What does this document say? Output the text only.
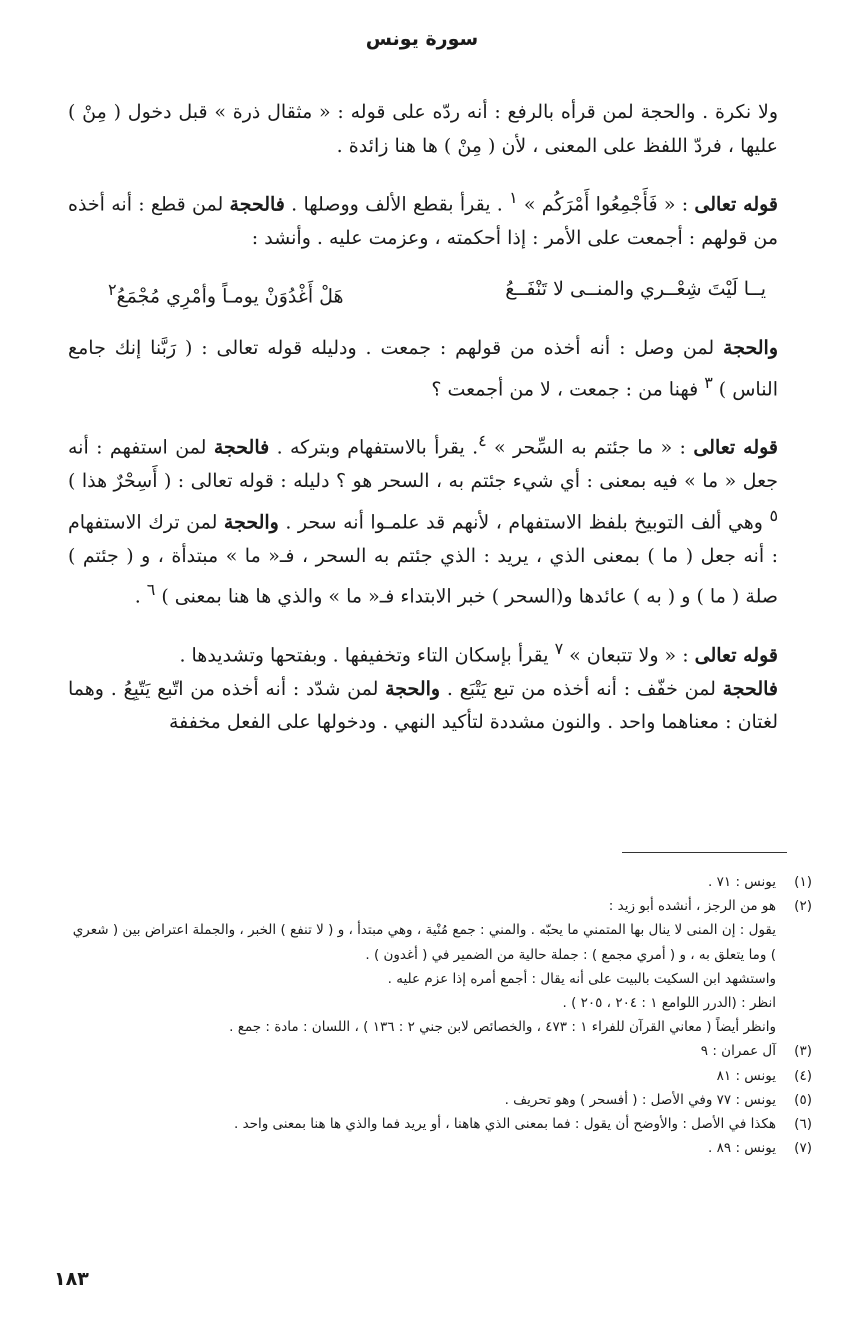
سورة يونس

ولا نكرة . والحجة لمن قرأه بالرفع : أنه ردّه على قوله : « مثقال ذرة » قبل دخول ( مِنْ ) عليها ، فردّ اللفظ على المعنى ، لأن ( مِنْ ) ها هنا زائدة .

قوله تعالى : « فَأَجْمِعُوا أَمْرَكُم » $^١$ . يقرأ بقطع الألف ووصلها . فالحجة لمن قطع : أنه أخذه من قولهم : أجمعت على الأمر : إذا أحكمته ، وعزمت عليه . وأنشد :

يــا لَيْتَ شِعْــري والمنــى لا تَنْفَــعُ
هَلْ أَغْدُوَنْ يومـاً وأمْرِي مُجْمَعُ$^٢$

والحجة لمن وصل : أنه أخذه من قولهم : جمعت . ودليله قوله تعالى : ( رَبَّنا إنك جامع الناس ) $^٣$ فهنا من : جمعت ، لا من أجمعت ؟

قوله تعالى : « ما جئتم به السِّحر » $^٤$. يقرأ بالاستفهام وبتركه . فالحجة لمن استفهم : أنه جعل « ما » فيه بمعنى : أي شيء جئتم به ، السحر هو ؟ دليله : قوله تعالى : ( أَسِحْرٌ هذا ) $^٥$ وهي ألف التوبيخ بلفظ الاستفهام ، لأنهم قد علمـوا أنه سحر . والحجة لمن ترك الاستفهام : أنه جعل ( ما ) بمعنى الذي ، يريد : الذي جئتم به السحر ، فـ« ما » مبتدأة ، و ( جئتم ) صلة ( ما ) و ( به ) عائدها و(السحر ) خبر الابتداء فـ« ما » والذي ها هنا بمعنى ) $^٦$ .

قوله تعالى : « ولا تتبعان » $^٧$ يقرأ بإسكان التاء وتخفيفها . وبفتحها وتشديدها .
فالحجة لمن خفّف : أنه أخذه من تبع يَتْبَع . والحجة لمن شدّد : أنه أخذه من اتّبع يَتّبِعُ . وهما لغتان : معناهما واحد . والنون مشددة لتأكيد النهي . ودخولها على الفعل مخففة

(١)
يونس : ٧١ .
(٢)
هو من الرجز ، أنشده أبو زيد :
يقول : إن المنى لا ينال بها المتمني ما يحبّه . والمني : جمع مُنْية ، وهي مبتدأ ، و ( لا تنفع ) الخبر ، والجملة اعتراض بين ( شعري ) وما يتعلق به ، و ( أمري مجمع ) : جملة حالية من الضمير في ( أغدون ) .
واستشهد ابن السكيت بالبيت على أنه يقال : أجمع أمره إذا عزم عليه .
انظر : (الدرر اللوامع ١ : ٢٠٤ ، ٢٠٥ ) .
وانظر أيضاً ( معاني القرآن للفراء ١ : ٤٧٣ ، والخصائص لابن جني ٢ : ١٣٦ ) ، اللسان : مادة : جمع .
(٣)
آل عمران : ٩
(٤)
يونس : ٨١
(٥)
يونس : ٧٧ وفي الأصل : ( أفسحر ) وهو تحريف .
(٦)
هكذا في الأصل : والأوضح أن يقول : فما بمعنى الذي هاهنا ، أو يريد فما والذي ها هنا بمعنى واحد .
(٧)
يونس : ٨٩ .
١٨٣
